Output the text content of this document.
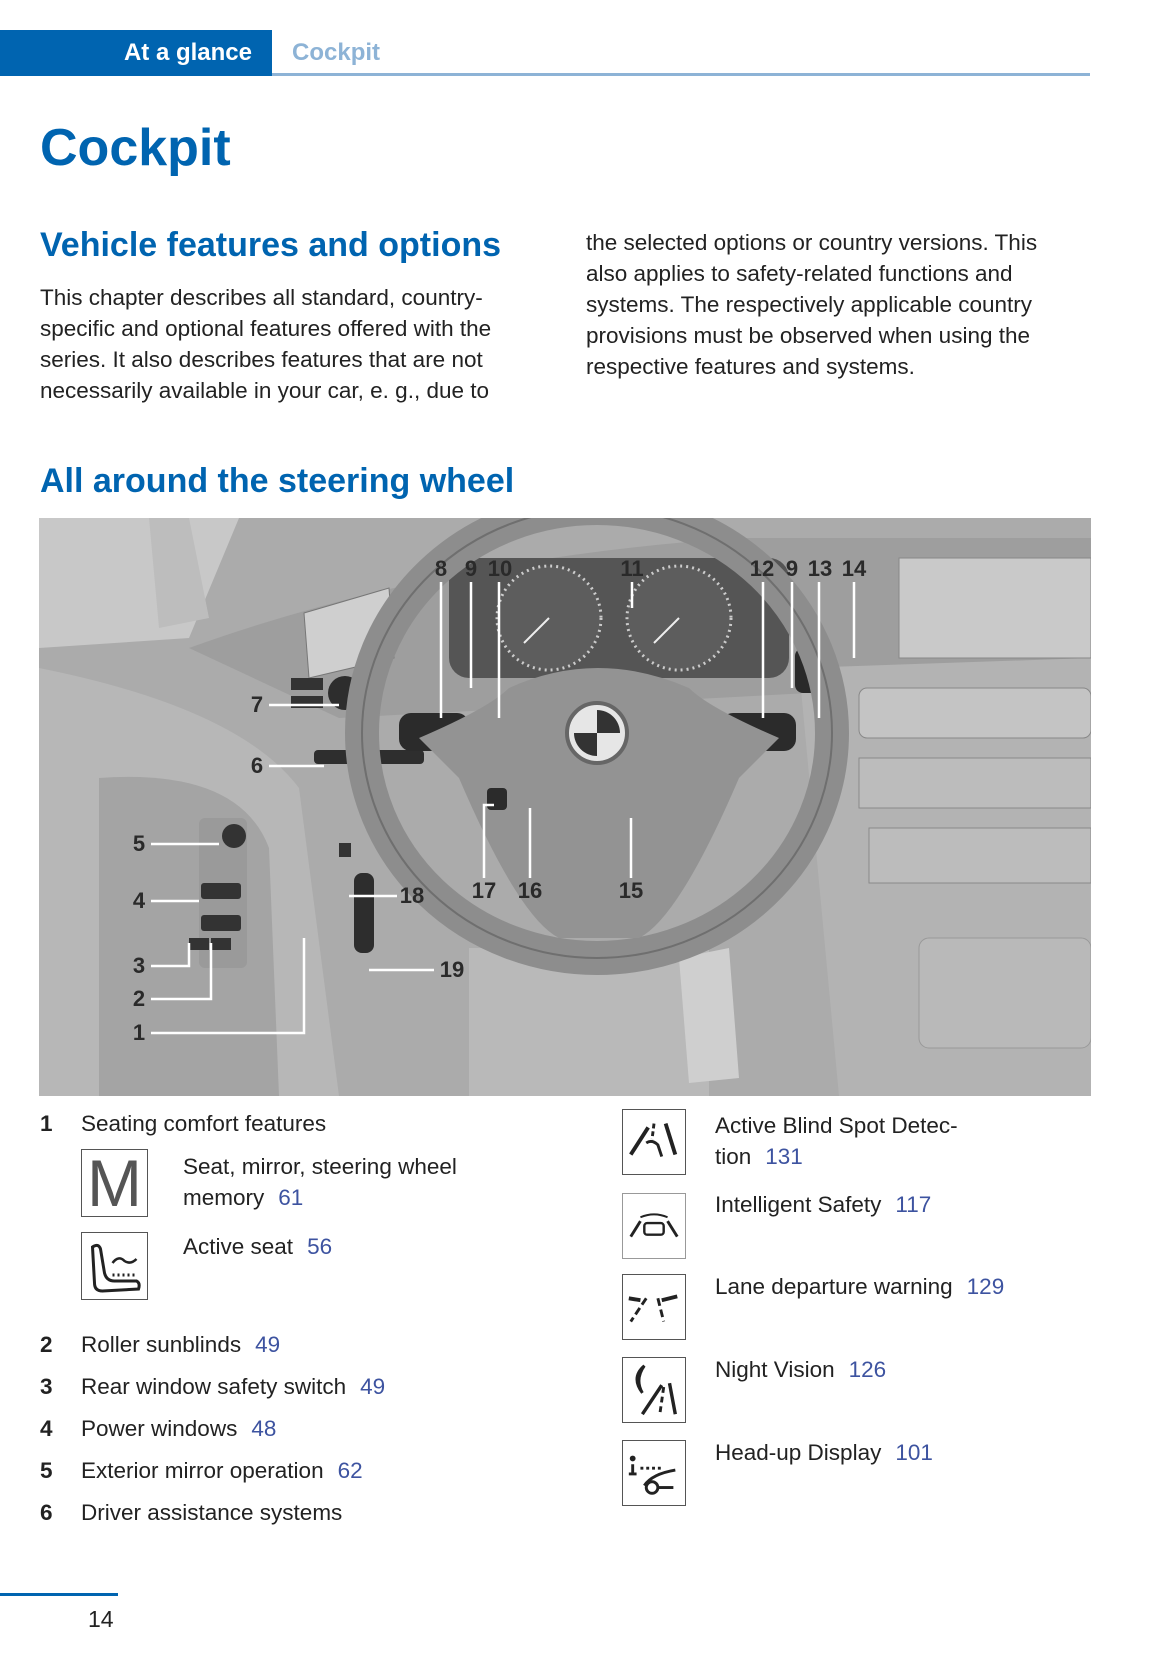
At a glance	Cockpit
Cockpit
Vehicle features and options
This chapter describes all standard, country-
specific and optional features offered with the
series. It also describes features that are not
necessarily available in your car, e. g., due to
the selected options or country versions. This
also applies to safety-related functions and
systems. The respectively applicable country
provisions must be observed when using the
respective features and systems.
All around the steering wheel
1
2
3
4
5
6
7
8 9 10	11	12 9 13 14
15
16
17
18
19
1 Seating comfort features
M Seat, mirror, steering wheel
memory 61
Active seat 56
2 Roller sunblinds 49
3 Rear window safety switch 49
4 Power windows 48
5 Exterior mirror operation 62
6 Driver assistance systems
Active Blind Spot Detec-
tion 131
Intelligent Safety 117
Lane departure warning 129
Night Vision 126
Head-up Display 101
14
